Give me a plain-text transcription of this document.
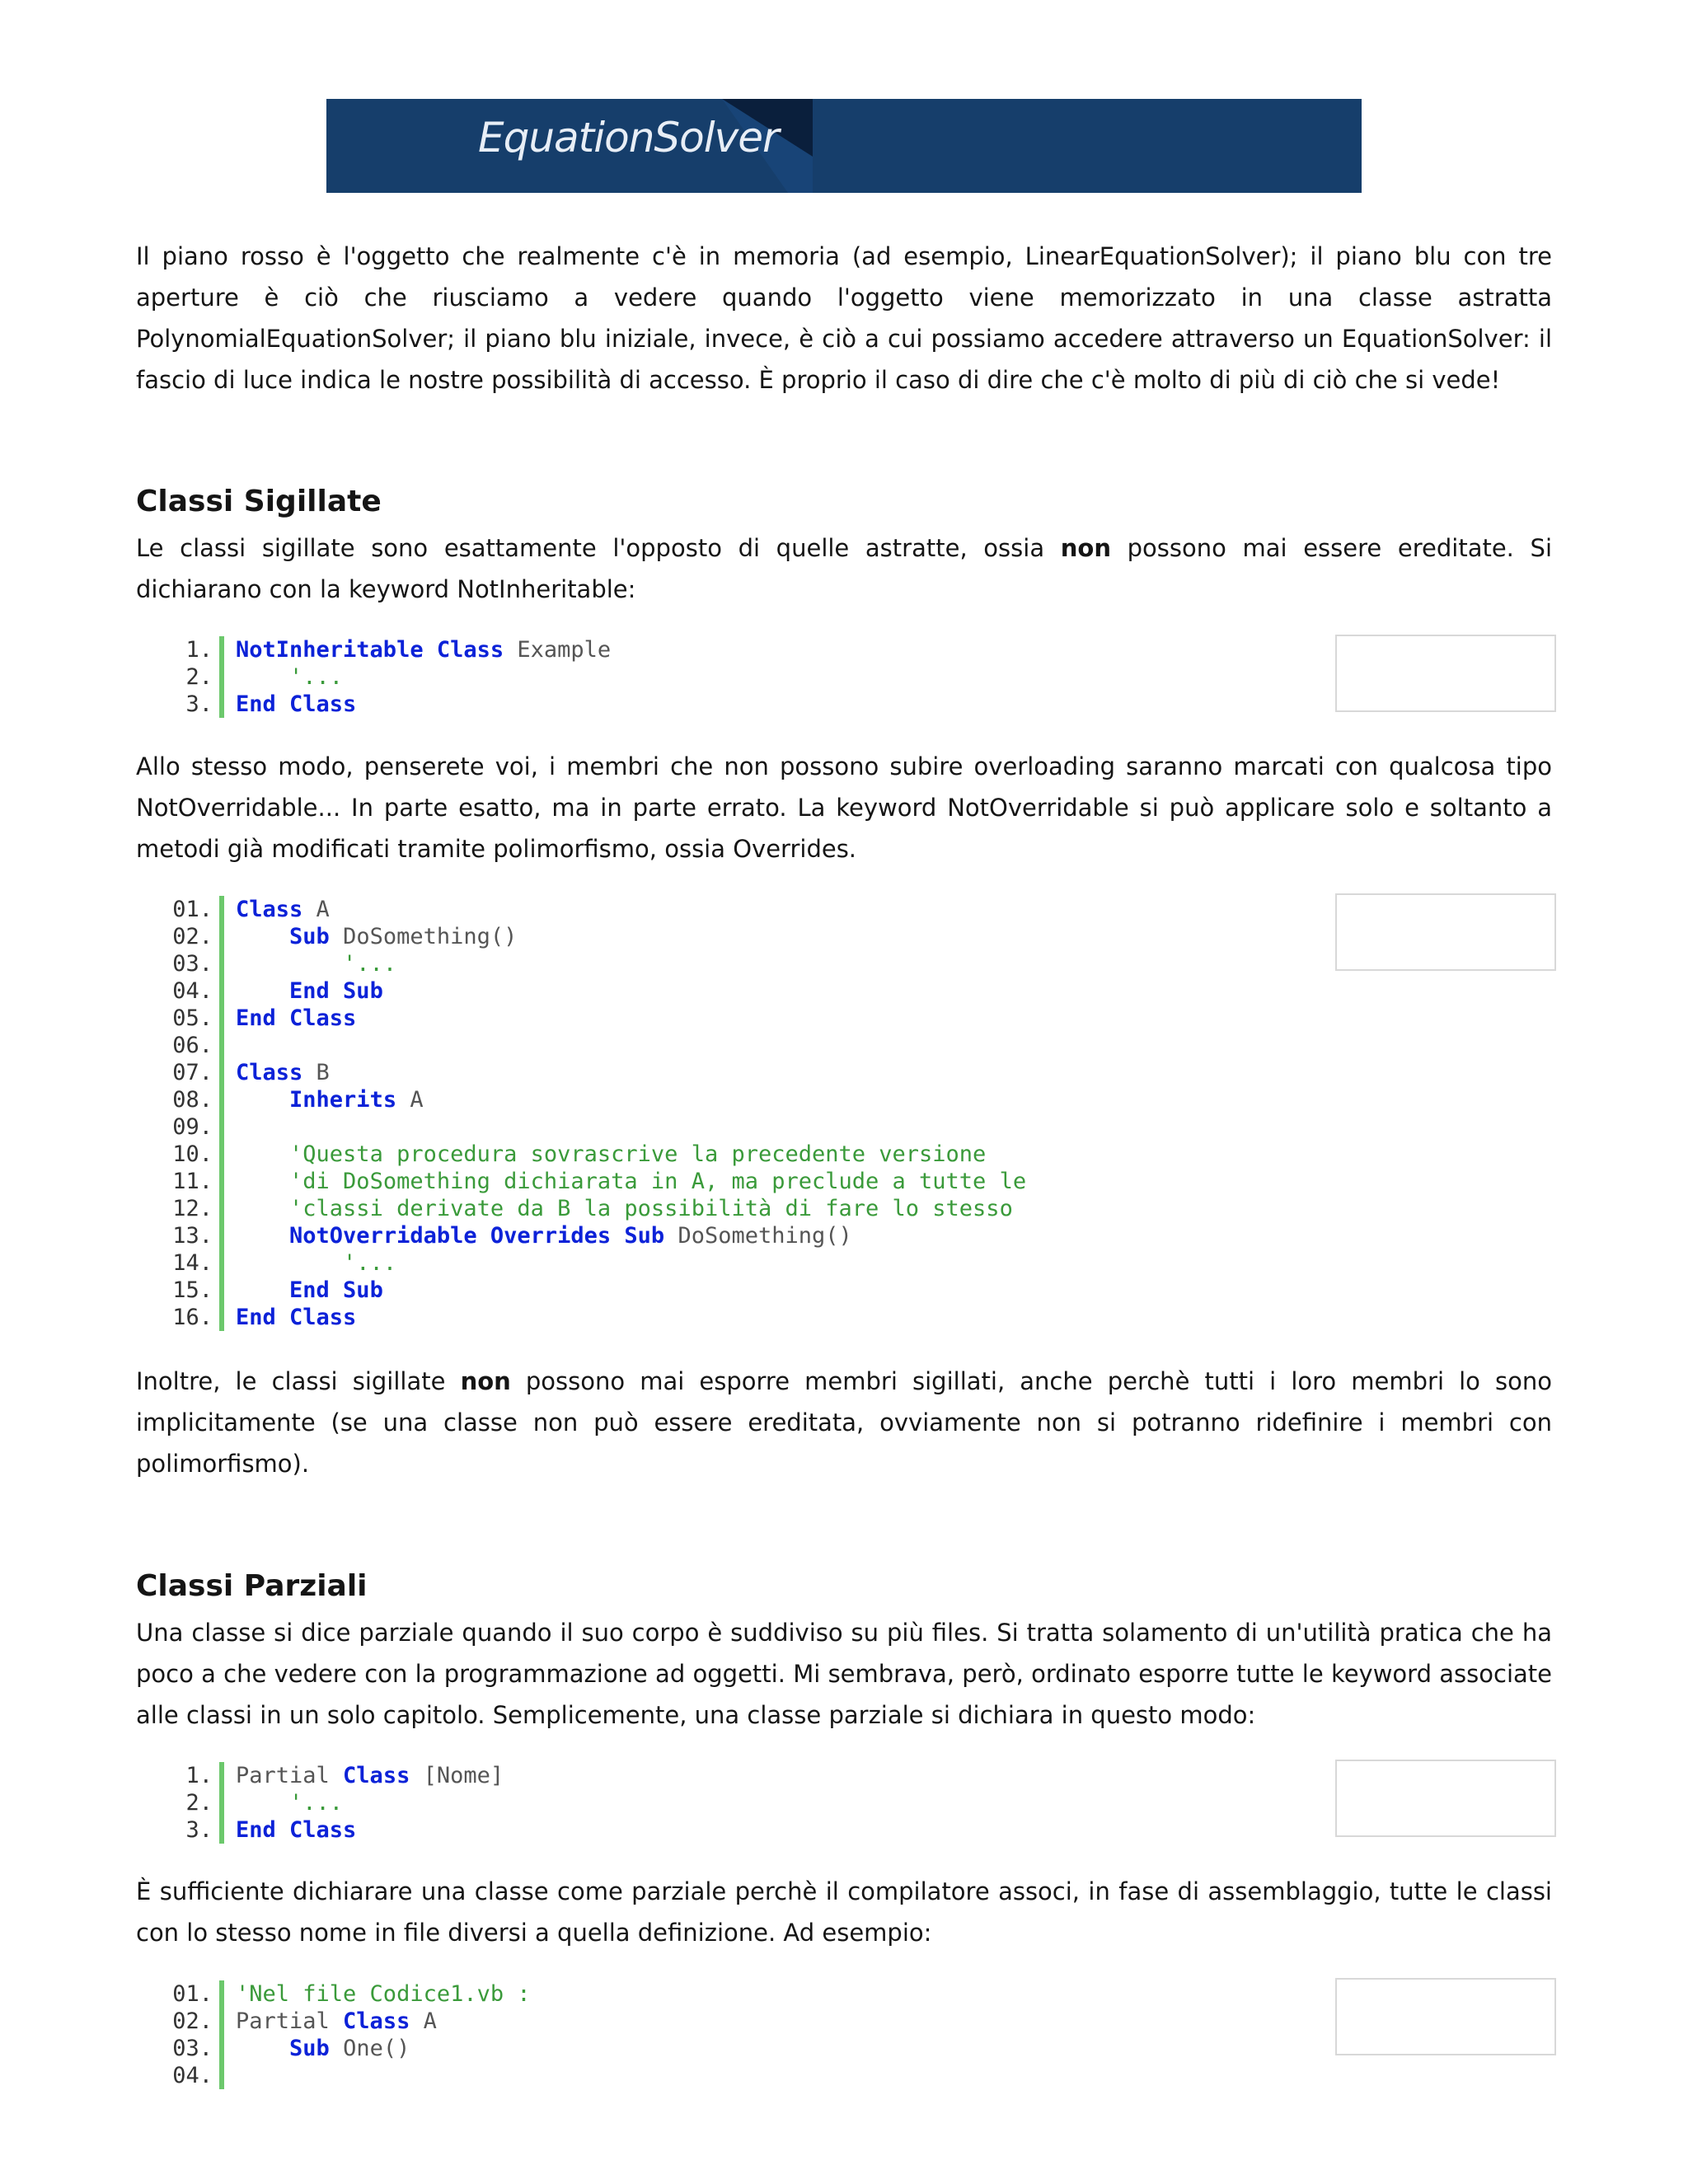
EquationSolver
Il piano rosso è l'oggetto che realmente c'è in memoria (ad esempio, LinearEquationSolver); il piano blu con tre aperture è ciò che riusciamo a vedere quando l'oggetto viene memorizzato in una classe astratta PolynomialEquationSolver; il piano blu iniziale, invece, è ciò a cui possiamo accedere attraverso un EquationSolver: il fascio di luce indica le nostre possibilità di accesso. È proprio il caso di dire che c'è molto di più di ciò che si vede!
Classi Sigillate
Le classi sigillate sono esattamente l'opposto di quelle astratte, ossia non possono mai essere ereditate. Si dichiarano con la keyword NotInheritable:
1. NotInheritable Class Example
2.	'...
3. End Class
Allo stesso modo, penserete voi, i membri che non possono subire overloading saranno marcati con qualcosa tipo NotOverridable... In parte esatto, ma in parte errato. La keyword NotOverridable si può applicare solo e soltanto a metodi già modificati tramite polimorfismo, ossia Overrides.
01. Class A
02.	Sub DoSomething()
03.	'...
04.	End Sub
05. End Class
06.
07. Class B
08.	Inherits A
09.
10.	'Questa procedura sovrascrive la precedente versione
11.	'di DoSomething dichiarata in A, ma preclude a tutte le
12.	'classi derivate da B la possibilità di fare lo stesso
13.	NotOverridable Overrides Sub DoSomething()
14.	'...
15.	End Sub
16. End Class
Inoltre, le classi sigillate non possono mai esporre membri sigillati, anche perchè tutti i loro membri lo sono implicitamente (se una classe non può essere ereditata, ovviamente non si potranno ridefinire i membri con polimorfismo).
Classi Parziali
Una classe si dice parziale quando il suo corpo è suddiviso su più files. Si tratta solamento di un'utilità pratica che ha poco a che vedere con la programmazione ad oggetti. Mi sembrava, però, ordinato esporre tutte le keyword associate alle classi in un solo capitolo. Semplicemente, una classe parziale si dichiara in questo modo:
1. Partial Class [Nome]
2.	'...
3. End Class
È sufficiente dichiarare una classe come parziale perchè il compilatore associ, in fase di assemblaggio, tutte le classi con lo stesso nome in file diversi a quella definizione. Ad esempio:
01. 'Nel file Codice1.vb :
02. Partial Class A
03.	Sub One()
04.
